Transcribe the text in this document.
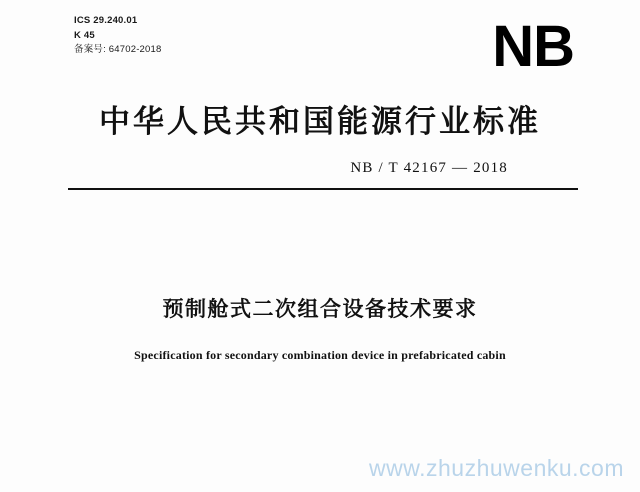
ICS 29.240.01
K 45
备案号: 64702-2018	NB
中华人民共和国能源行业标准
NB / T 42167 — 2018
预制舱式二次组合设备技术要求
Specification for secondary combination device in prefabricated cabin
www.zhuzhuwenku.com
